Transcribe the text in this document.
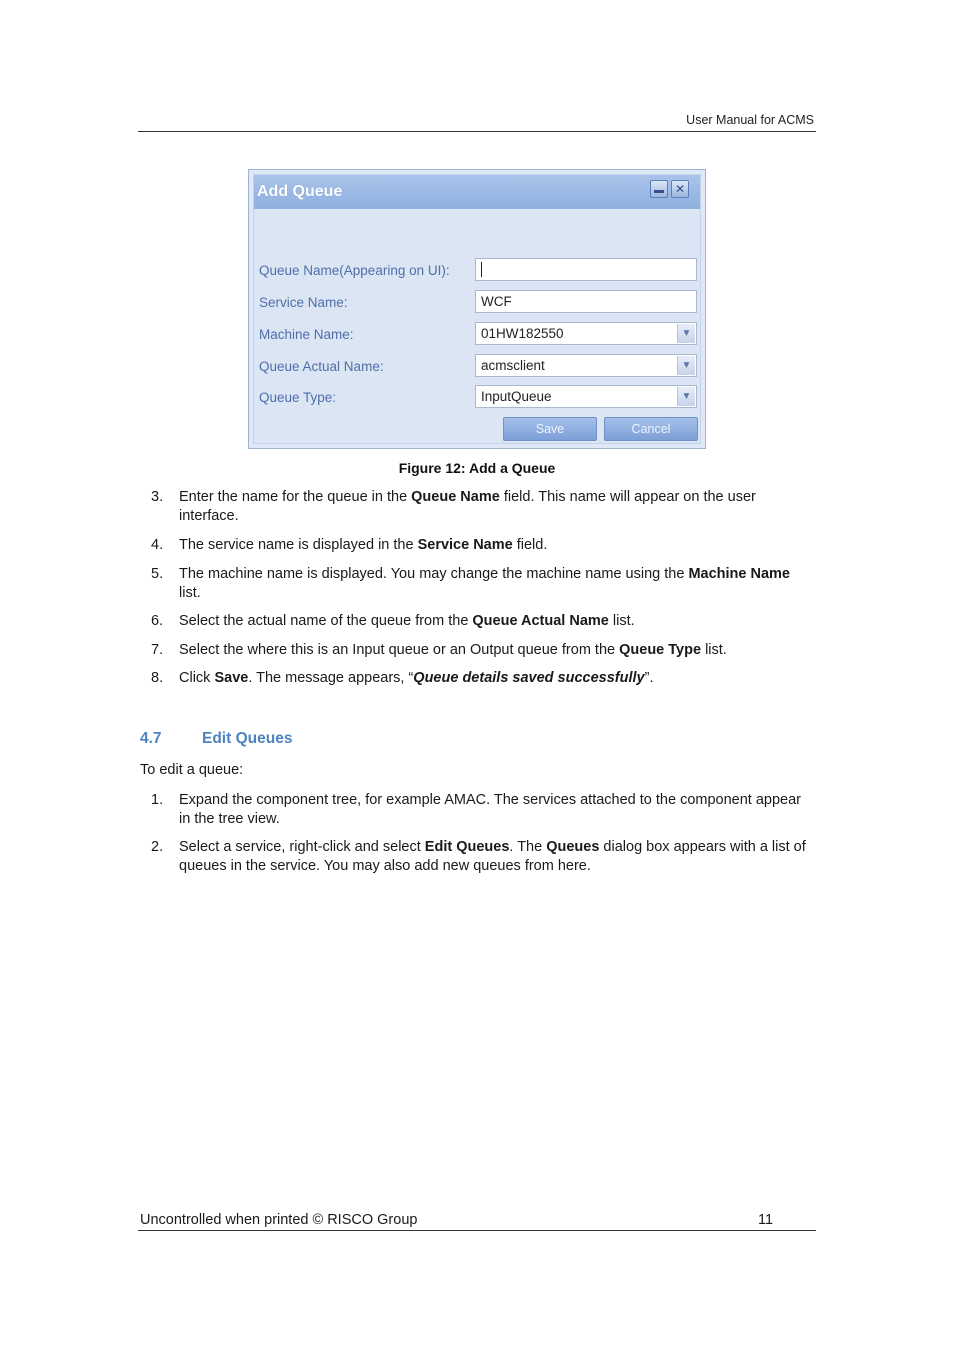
User Manual for ACMS
Add Queue	✕
Queue Name(Appearing on UI):
Service Name:	WCF
Machine Name:	01HW182550	▼
Queue Actual Name:	acmsclient	▼
Queue Type:	InputQueue	▼
Save	Cancel
Figure 12: Add a Queue
3. Enter the name for the queue in the Queue Name field. This name will appear on the user interface.
4. The service name is displayed in the Service Name field.
5. The machine name is displayed. You may change the machine name using the Machine Name list.
6. Select the actual name of the queue from the Queue Actual Name list.
7. Select the where this is an Input queue or an Output queue from the Queue Type list.
8. Click Save. The message appears, “Queue details saved successfully”.
4.7	Edit Queues
To edit a queue:
1. Expand the component tree, for example AMAC. The services attached to the component appear in the tree view.
2. Select a service, right-click and select Edit Queues. The Queues dialog box appears with a list of queues in the service. You may also add new queues from here.
Uncontrolled when printed © RISCO Group	11
